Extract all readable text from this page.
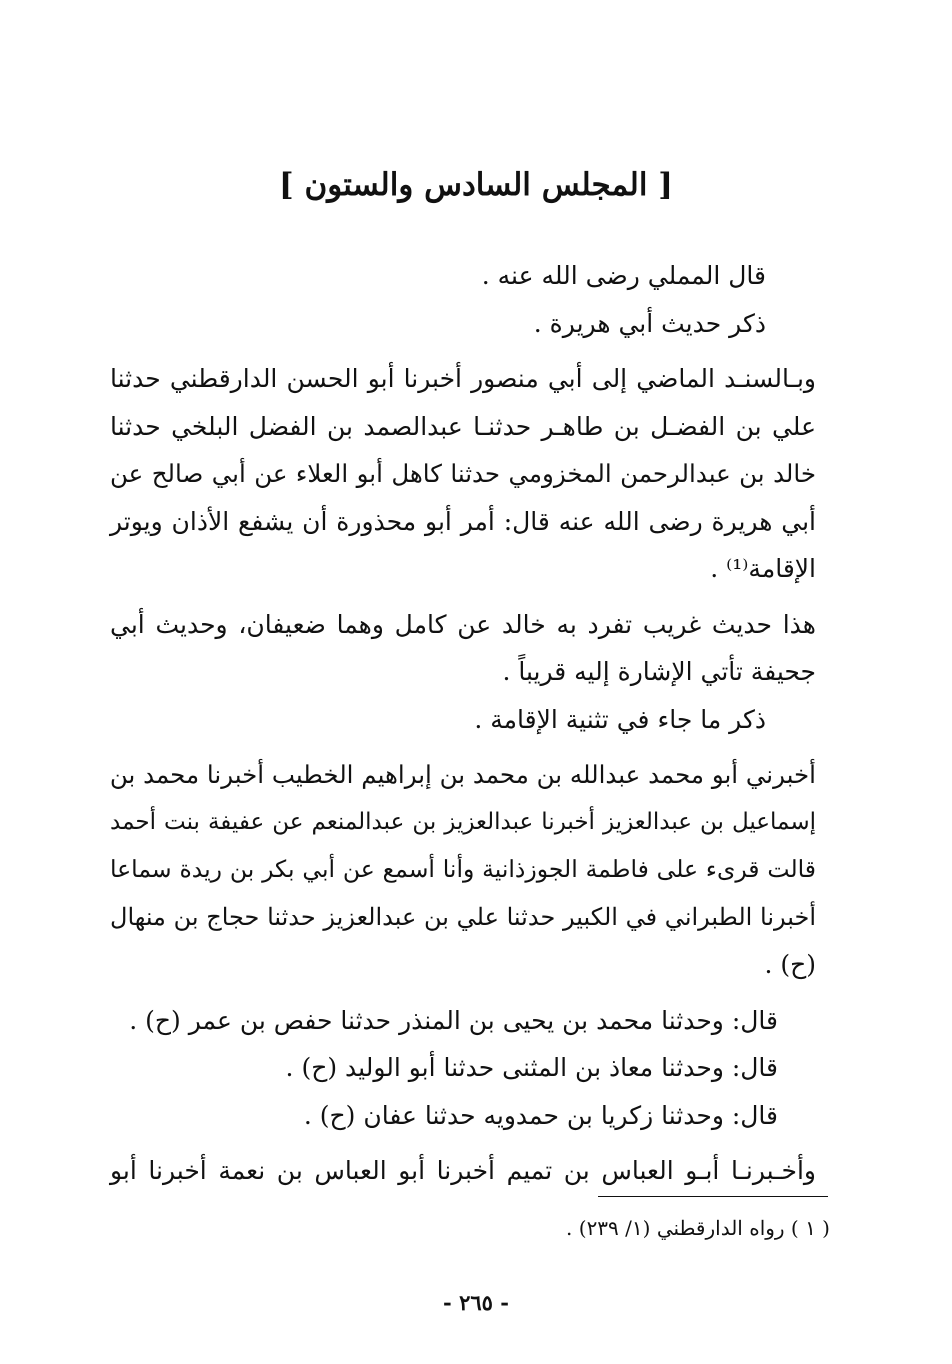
[ المجلس السادس والستون ]
قال المملي رضى الله عنه .
ذكر حديث أبي هريرة .
وبـالسنـد الماضي إلى أبي منصور أخبرنا أبو الحسن الدارقطني حدثنا
علي بن الفضـل بن طاهـر حدثنـا عبدالصمد بن الفضل البلخي حدثنا
خالد بن عبدالرحمن المخزومي حدثنا كاهل أبو العلاء عن أبي صالح عن
أبي هريرة رضى الله عنه قال: أمر أبو محذورة أن يشفع الأذان ويوتر
الإقامة⁽¹⁾ .
هذا حديث غريب تفرد به خالد عن كامل وهما ضعيفان، وحديث أبي
جحيفة تأتي الإشارة إليه قريباً .
ذكر ما جاء في تثنية الإقامة .
أخبرني أبو محمد عبدالله بن محمد بن إبراهيم الخطيب أخبرنا محمد بن
إسماعيل بن عبدالعزيز أخبرنا عبدالعزيز بن عبدالمنعم عن عفيفة بنت أحمد
قالت قرىء على فاطمة الجوزذانية وأنا أسمع عن أبي بكر بن ريدة سماعا
أخبرنا الطبراني في الكبير حدثنا علي بن عبدالعزيز حدثنا حجاج بن منهال
(ح) .
قال: وحدثنا محمد بن يحيى بن المنذر حدثنا حفص بن عمر (ح) .
قال: وحدثنا معاذ بن المثنى حدثنا أبو الوليد (ح) .
قال: وحدثنا زكريا بن حمدويه حدثنا عفان (ح) .
وأخـبرنـا أبـو العباس بن تميم أخبرنا أبو العباس بن نعمة أخبرنا أبو
( ١ ) رواه الدارقطني (١/ ٢٣٩) .
- ٢٦٥ -
